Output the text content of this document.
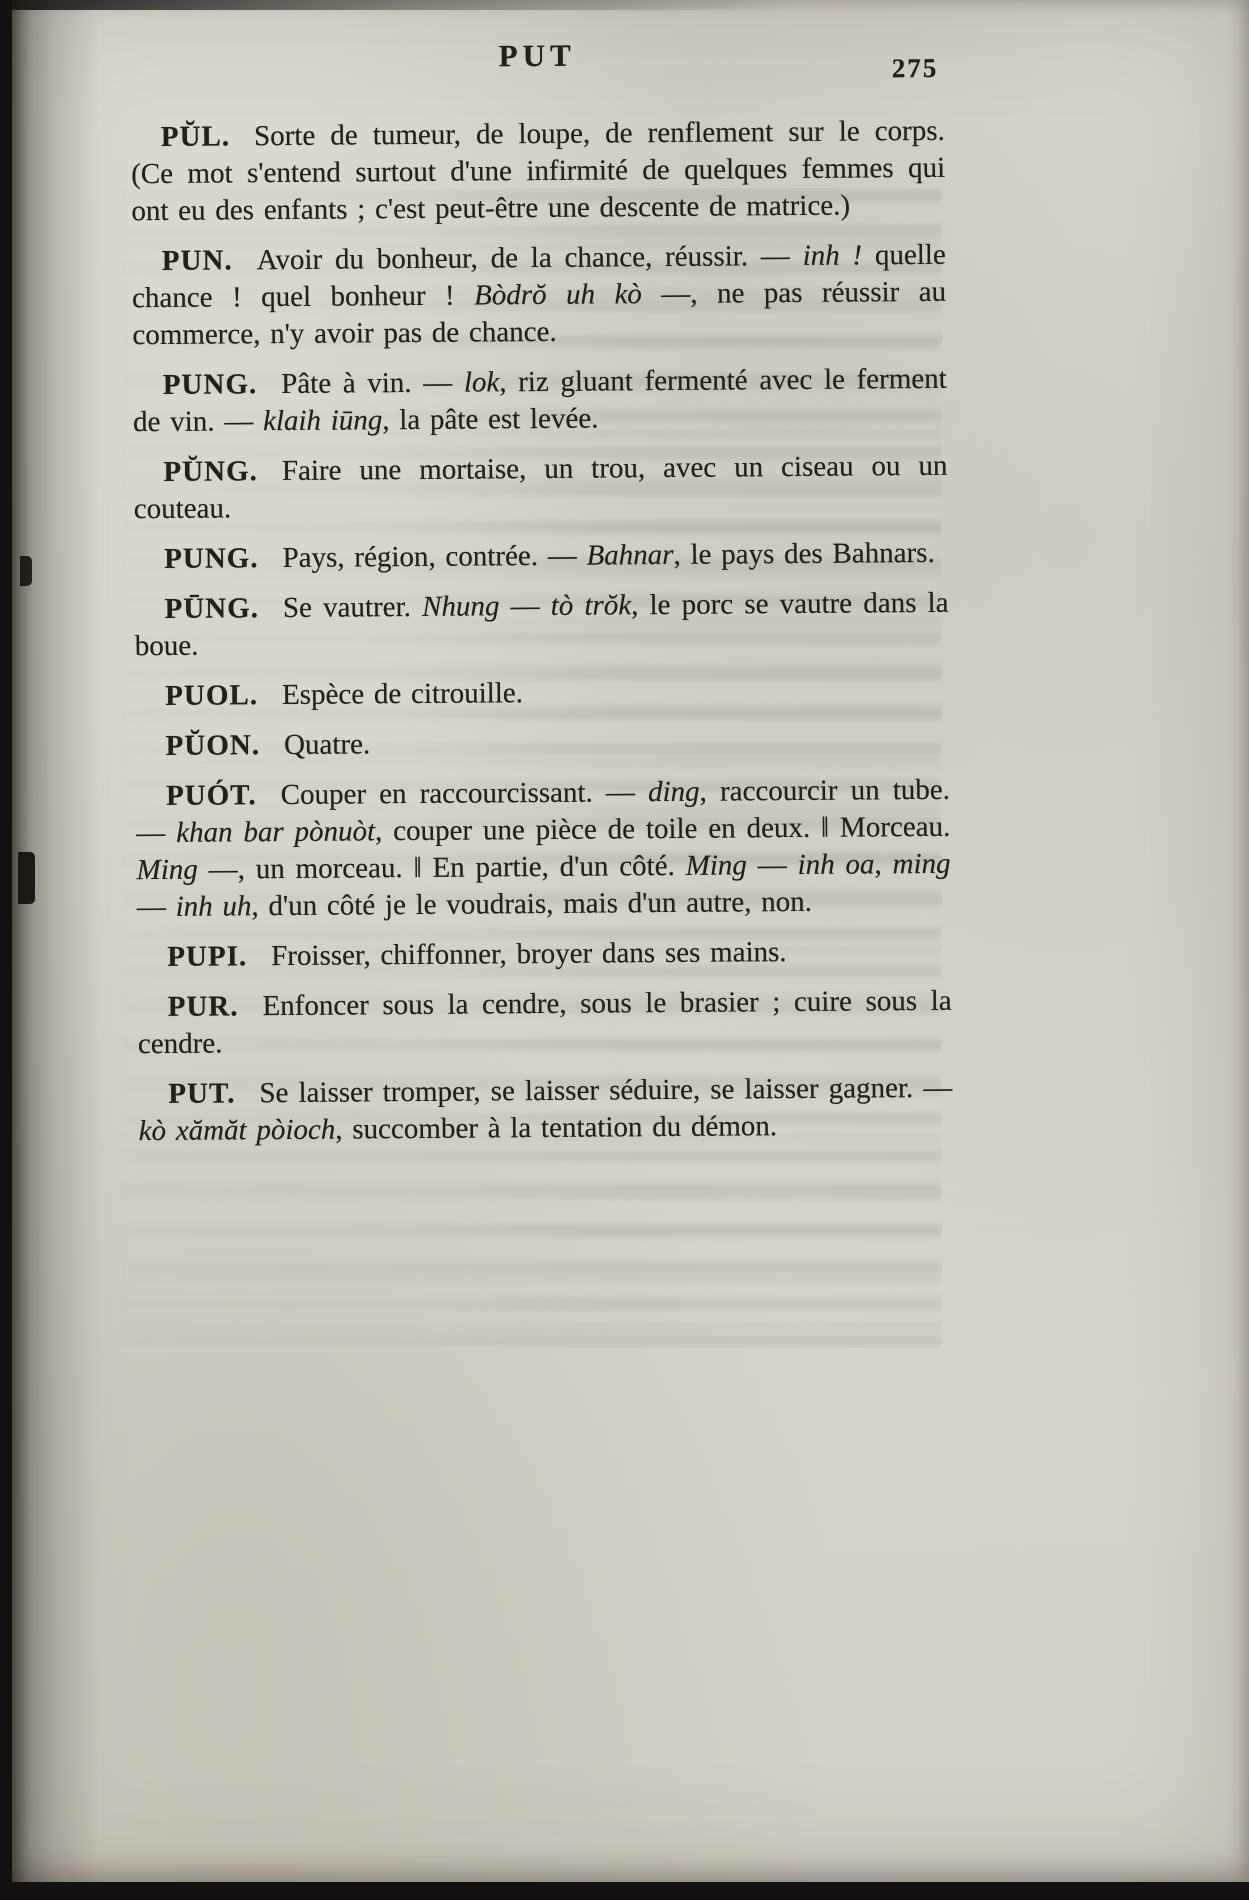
PUT	275

PŬL. Sorte de tumeur, de loupe, de renflement sur le corps. (Ce mot s'entend surtout d'une infirmité de quelques femmes qui ont eu des enfants ; c'est peut-être une descente de matrice.)

PUN. Avoir du bonheur, de la chance, réussir. — inh ! quelle chance ! quel bonheur ! Bòdrŏ uh kò —, ne pas réussir au commerce, n'y avoir pas de chance.

PUNG. Pâte à vin. — lok, riz gluant fermenté avec le ferment de vin. — klaih iūng, la pâte est levée.

PŬNG. Faire une mortaise, un trou, avec un ciseau ou un couteau.

PUNG. Pays, région, contrée. — Bahnar, le pays des Bahnars.

PŪNG. Se vautrer. Nhung — tò trŏk, le porc se vautre dans la boue.

PUOL. Espèce de citrouille.

PŬON. Quatre.

PUÓT. Couper en raccourcissant. — ding, raccourcir un tube. — khan bar pònuòt, couper une pièce de toile en deux. ‖ Morceau. Ming —, un morceau. ‖ En partie, d'un côté. Ming — inh oa, ming — inh uh, d'un côté je le voudrais, mais d'un autre, non.

PUPI. Froisser, chiffonner, broyer dans ses mains.

PUR. Enfoncer sous la cendre, sous le brasier ; cuire sous la cendre.

PUT. Se laisser tromper, se laisser séduire, se laisser gagner. — kò xămăt pòioch, succomber à la tentation du démon.
